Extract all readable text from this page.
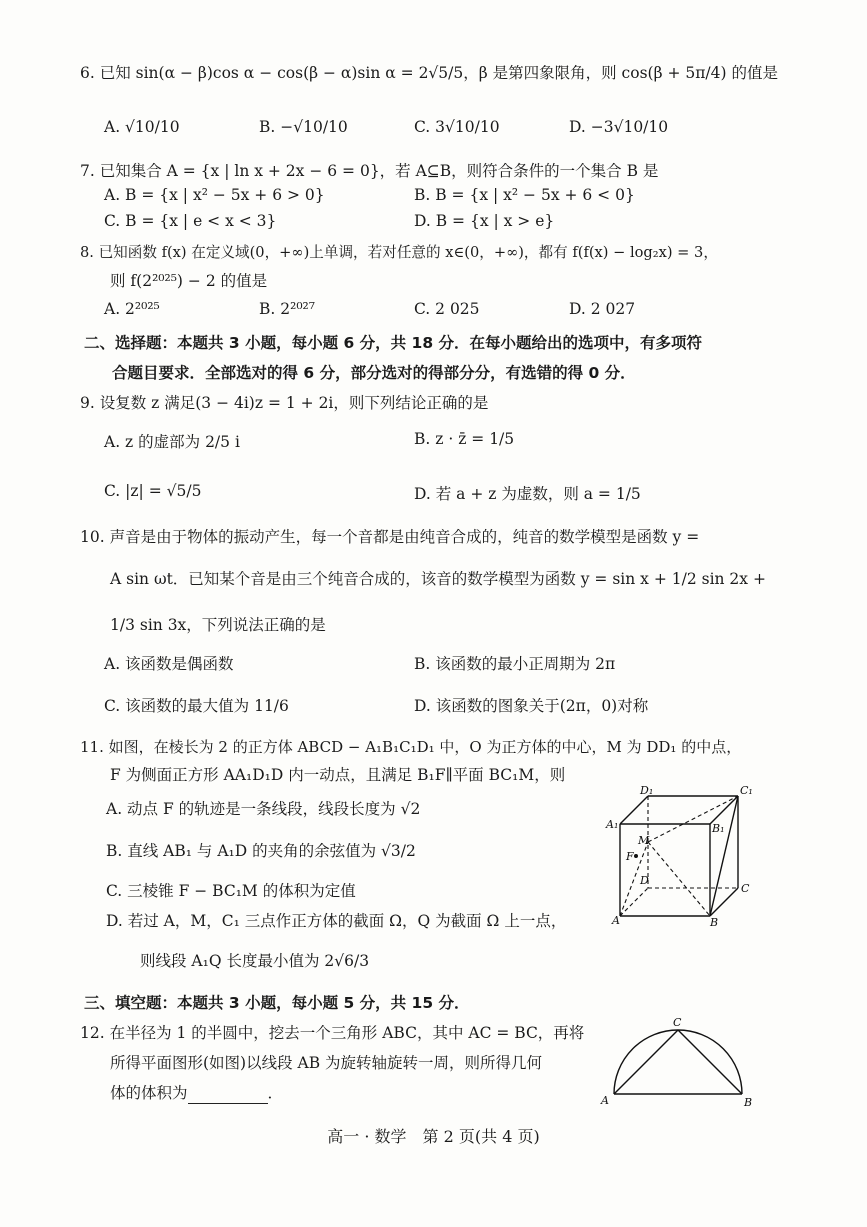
6. 已知 sin(α − β)cos α − cos(β − α)sin α = 2√5/5，β 是第四象限角，则 cos(β + 5π/4) 的值是
A. √10/10	B. −√10/10	C. 3√10/10	D. −3√10/10
7. 已知集合 A = {x | ln x + 2x − 6 = 0}，若 A⊆B，则符合条件的一个集合 B 是
A. B = {x | x² − 5x + 6 > 0}	B. B = {x | x² − 5x + 6 < 0}
C. B = {x | e < x < 3}	D. B = {x | x > e}
8. 已知函数 f(x) 在定义域(0，+∞)上单调，若对任意的 x∈(0，+∞)，都有 f(f(x) − log₂x) = 3，
则 f(2²⁰²⁵) − 2 的值是
A. 2²⁰²⁵	B. 2²⁰²⁷	C. 2 025	D. 2 027
二、选择题：本题共 3 小题，每小题 6 分，共 18 分．在每小题给出的选项中，有多项符
合题目要求．全部选对的得 6 分，部分选对的得部分分，有选错的得 0 分．
9. 设复数 z 满足(3 − 4i)z = 1 + 2i，则下列结论正确的是
A. z 的虚部为 2/5 i	B. z · z̄ = 1/5
C. |z| = √5/5	D. 若 a + z 为虚数，则 a = 1/5
10. 声音是由于物体的振动产生，每一个音都是由纯音合成的，纯音的数学模型是函数 y =
A sin ωt．已知某个音是由三个纯音合成的，该音的数学模型为函数 y = sin x + 1/2 sin 2x +
1/3 sin 3x，下列说法正确的是
A. 该函数是偶函数	B. 该函数的最小正周期为 2π
C. 该函数的最大值为 11/6	D. 该函数的图象关于(2π，0)对称
11. 如图，在棱长为 2 的正方体 ABCD − A₁B₁C₁D₁ 中，O 为正方体的中心，M 为 DD₁ 的中点，
F 为侧面正方形 AA₁D₁D 内一动点，且满足 B₁F∥平面 BC₁M，则
A. 动点 F 的轨迹是一条线段，线段长度为 √2
B. 直线 AB₁ 与 A₁D 的夹角的余弦值为 √3/2
C. 三棱锥 F − BC₁M 的体积为定值
D. 若过 A，M，C₁ 三点作正方体的截面 Ω，Q 为截面 Ω 上一点，
则线段 A₁Q 长度最小值为 2√6/3
D₁	C₁
A₁	B₁
M
F
D
C
A	B
三、填空题：本题共 3 小题，每小题 5 分，共 15 分．
12. 在半径为 1 的半圆中，挖去一个三角形 ABC，其中 AC = BC，再将
所得平面图形(如图)以线段 AB 为旋转轴旋转一周，则所得几何
体的体积为	．	A	B
C
高一 · 数学　第 2 页(共 4 页)
